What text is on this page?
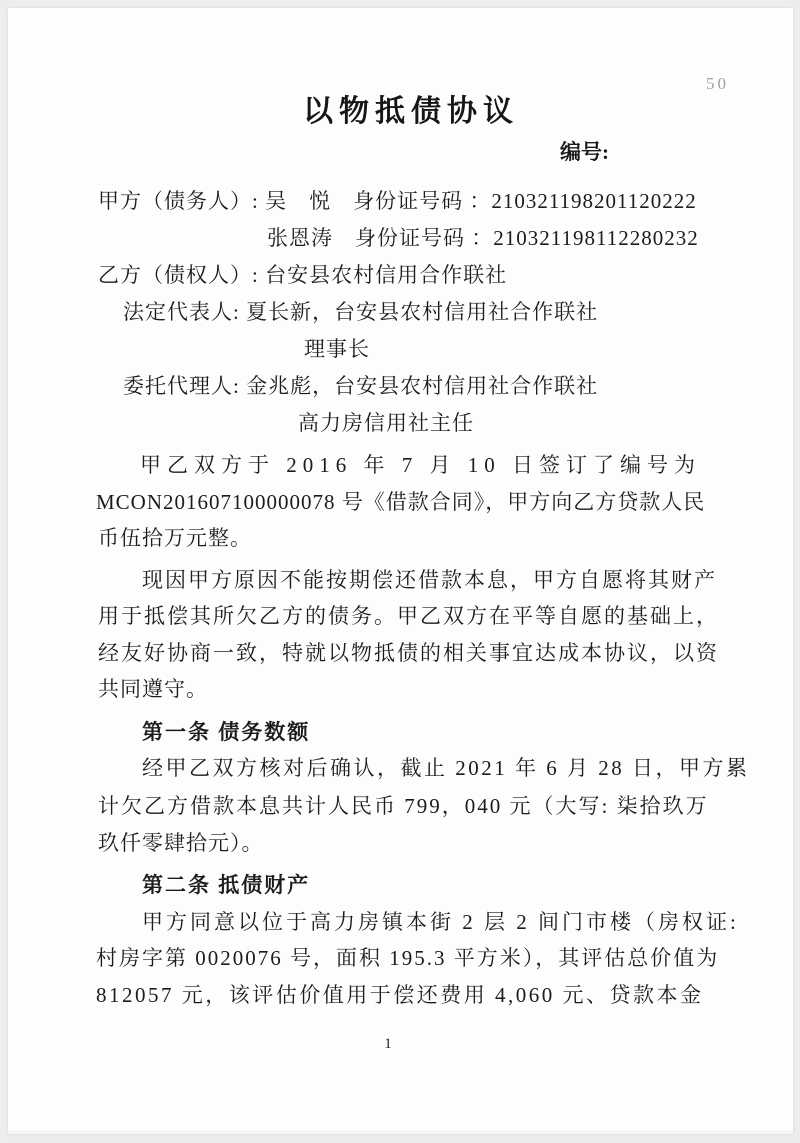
50
以物抵债协议
编号:
甲方（债务人）: 吴　悦　身份证号码 ：210321198201120222
张恩涛　身份证号码 ：210321198112280232
乙方（债权人）: 台安县农村信用合作联社
法定代表人: 夏长新，台安县农村信用社合作联社
理事长
委托代理人: 金兆彪，台安县农村信用社合作联社
高力房信用社主任
甲乙双方于 2016 年 7 月 10 日签订了编号为
MCON201607100000078 号《借款合同》，甲方向乙方贷款人民
币伍拾万元整。
现因甲方原因不能按期偿还借款本息，甲方自愿将其财产
用于抵偿其所欠乙方的债务。甲乙双方在平等自愿的基础上，
经友好协商一致，特就以物抵债的相关事宜达成本协议，以资
共同遵守。
第一条 债务数额
经甲乙双方核对后确认，截止 2021 年 6 月 28 日，甲方累
计欠乙方借款本息共计人民币 799，040 元（大写: 柒拾玖万
玖仟零肆拾元）。
第二条 抵债财产
甲方同意以位于高力房镇本街 2 层 2 间门市楼（房权证:
村房字第 0020076 号，面积 195.3 平方米），其评估总价值为
812057 元，该评估价值用于偿还费用 4,060 元、贷款本金
1
